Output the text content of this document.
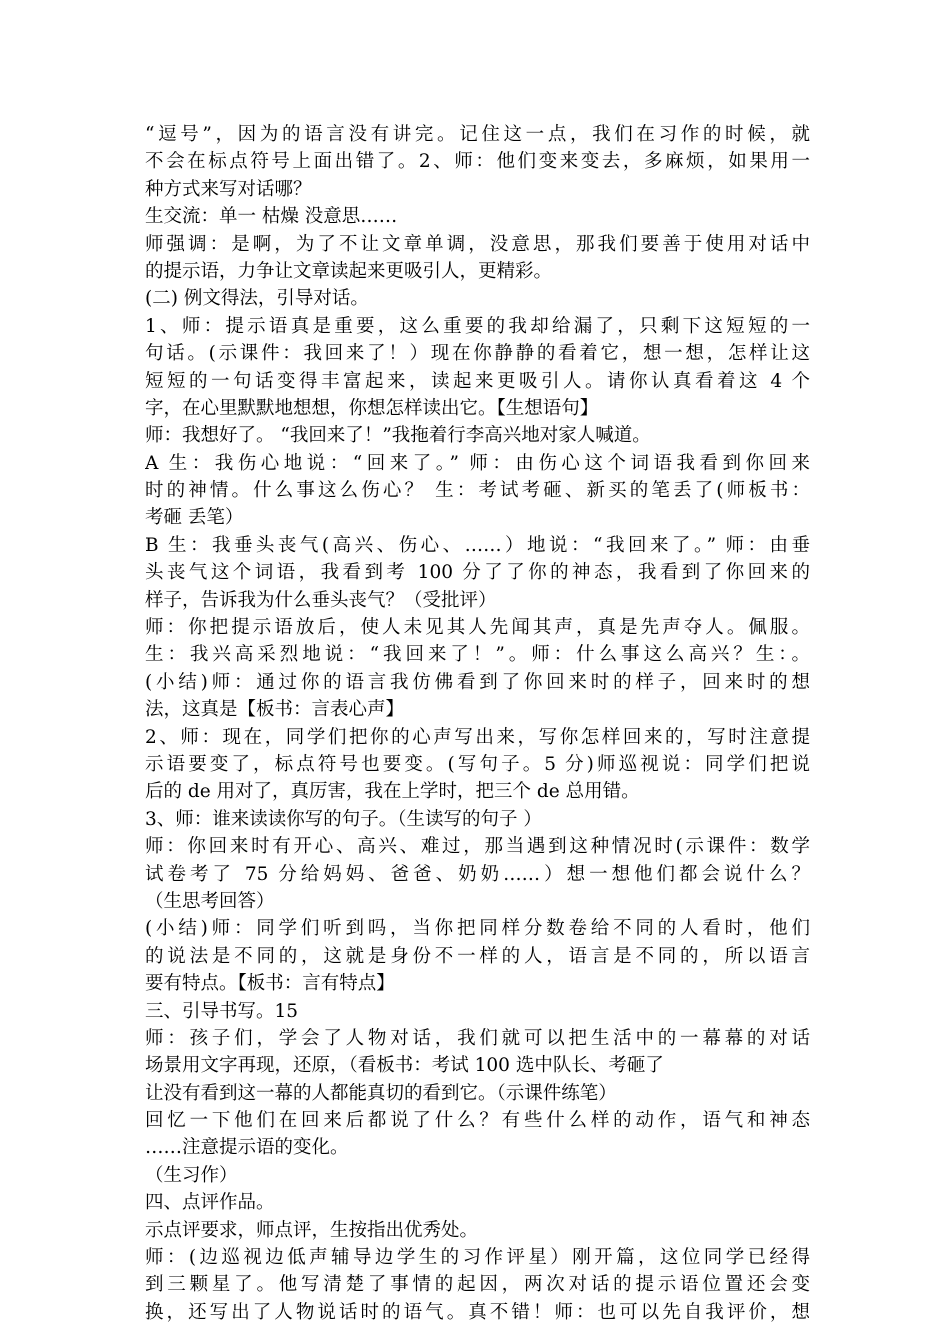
“逗号”，因为的语言没有讲完。记住这一点，我们在习作的时候，就
不会在标点符号上面出错了。2、师：他们变来变去，多麻烦，如果用一
种方式来写对话哪？
生交流：单一 枯燥 没意思……
师强调：是啊，为了不让文章单调，没意思，那我们要善于使用对话中
的提示语，力争让文章读起来更吸引人，更精彩。
(二) 例文得法，引导对话。
1、师：提示语真是重要，这么重要的我却给漏了，只剩下这短短的一
句话。(示课件：我回来了！）现在你静静的看着它，想一想，怎样让这
短短的一句话变得丰富起来，读起来更吸引人。请你认真看着这 4 个
字，在心里默默地想想，你想怎样读出它。【生想语句】
师：我想好了。 “我回来了！”我拖着行李高兴地对家人喊道。
A 生：我伤心地说：“回来了。” 师：由伤心这个词语我看到你回来
时的神情。什么事这么伤心？ 生：考试考砸、新买的笔丢了(师板书：
考砸 丢笔）
B 生：我垂头丧气(高兴、伤心、……）地说：“我回来了。” 师：由垂
头丧气这个词语，我看到考 100 分了了你的神态，我看到了你回来的
样子，告诉我为什么垂头丧气？（受批评）
师：你把提示语放后，使人未见其人先闻其声，真是先声夺人。佩服。
生：我兴高采烈地说：“我回来了！”。师：什么事这么高兴？生：。
(小结)师：通过你的语言我仿佛看到了你回来时的样子，回来时的想
法，这真是【板书：言表心声】
2、师：现在，同学们把你的心声写出来，写你怎样回来的，写时注意提
示语要变了，标点符号也要变。(写句子。5 分)师巡视说：同学们把说
后的 de 用对了，真厉害，我在上学时，把三个 de 总用错。
3、师：谁来读读你写的句子。（生读写的句子 ）
师：你回来时有开心、高兴、难过，那当遇到这种情况时(示课件：数学
试卷考了 75 分给妈妈、爸爸、奶奶……）想一想他们都会说什么？
（生思考回答）
(小结)师：同学们听到吗，当你把同样分数卷给不同的人看时，他们
的说法是不同的，这就是身份不一样的人，语言是不同的，所以语言
要有特点。【板书：言有特点】
三、引导书写。15
师：孩子们，学会了人物对话，我们就可以把生活中的一幕幕的对话
场景用文字再现，还原，（看板书：考试 100 选中队长、考砸了
让没有看到这一幕的人都能真切的看到它。（示课件练笔）
回忆一下他们在回来后都说了什么？有些什么样的动作，语气和神态
……注意提示语的变化。
（生习作）
四、点评作品。
示点评要求，师点评，生按指出优秀处。
师：(边巡视边低声辅导边学生的习作评星）刚开篇，这位同学已经得
到三颗星了。他写清楚了事情的起因，两次对话的提示语位置还会变
换，还写出了人物说话时的语气。真不错！师：也可以先自我评价，想
